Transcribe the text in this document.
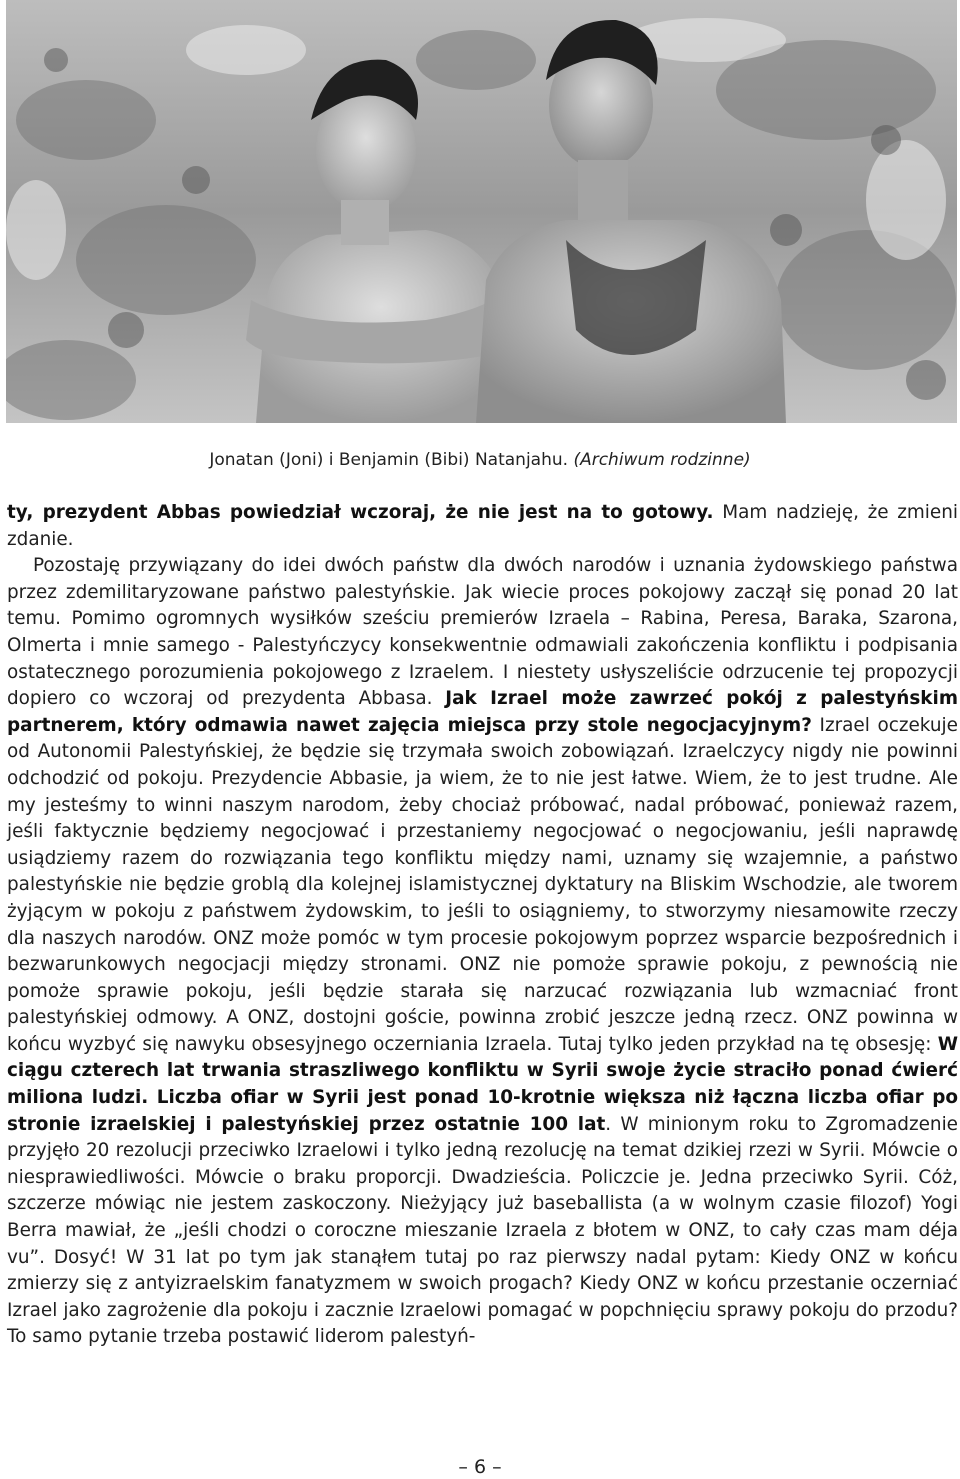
Jonatan (Joni) i Benjamin (Bibi) Natanjahu. (Archiwum rodzinne)

ty, prezydent Abbas powiedział wczoraj, że nie jest na to gotowy. Mam nadzieję, że zmieni zdanie.

Pozostaję przywiązany do idei dwóch państw dla dwóch narodów i uznania żydowskiego państwa przez zdemilitaryzowane państwo palestyńskie. Jak wiecie proces pokojowy zaczął się ponad 20 lat temu. Pomimo ogromnych wysiłków sześciu premierów Izraela – Rabina, Peresa, Baraka, Szarona, Olmerta i mnie samego - Palestyńczycy konsekwentnie odmawiali zakończenia konfliktu i podpisania ostatecznego porozumienia pokojowego z Izraelem. I niestety usłyszeliście odrzucenie tej propozycji dopiero co wczoraj od prezydenta Abbasa. Jak Izrael może zawrzeć pokój z palestyńskim partnerem, który odmawia nawet zajęcia miejsca przy stole negocjacyjnym? Izrael oczekuje od Autonomii Palestyńskiej, że będzie się trzymała swoich zobowiązań. Izraelczycy nigdy nie powinni odchodzić od pokoju. Prezydencie Abbasie, ja wiem, że to nie jest łatwe. Wiem, że to jest trudne. Ale my jesteśmy to winni naszym narodom, żeby chociaż próbować, nadal próbować, ponieważ razem, jeśli faktycznie będziemy negocjować i przestaniemy negocjować o negocjowaniu, jeśli naprawdę usiądziemy razem do rozwiązania tego konfliktu między nami, uznamy się wzajemnie, a państwo palestyńskie nie będzie groblą dla kolejnej islamistycznej dyktatury na Bliskim Wschodzie, ale tworem żyjącym w pokoju z państwem żydowskim, to jeśli to osiągniemy, to stworzymy niesamowite rzeczy dla naszych narodów. ONZ może pomóc w tym procesie pokojowym poprzez wsparcie bezpośrednich i bezwarunkowych negocjacji między stronami. ONZ nie pomoże sprawie pokoju, z pewnością nie pomoże sprawie pokoju, jeśli będzie starała się narzucać rozwiązania lub wzmacniać front palestyńskiej odmowy. A ONZ, dostojni goście, powinna zrobić jeszcze jedną rzecz. ONZ powinna w końcu wyzbyć się nawyku obsesyjnego oczerniania Izraela. Tutaj tylko jeden przykład na tę obsesję: W ciągu czterech lat trwania straszliwego konfliktu w Syrii swoje życie straciło ponad ćwierć miliona ludzi. Liczba ofiar w Syrii jest ponad 10-krotnie większa niż łączna liczba ofiar po stronie izraelskiej i palestyńskiej przez ostatnie 100 lat. W minionym roku to Zgromadzenie przyjęło 20 rezolucji przeciwko Izraelowi i tylko jedną rezolucję na temat dzikiej rzezi w Syrii. Mówcie o niesprawiedliwości. Mówcie o braku proporcji. Dwadzieścia. Policzcie je. Jedna przeciwko Syrii. Cóż, szczerze mówiąc nie jestem zaskoczony. Nieżyjący już baseballista (a w wolnym czasie filozof) Yogi Berra mawiał, że „jeśli chodzi o coroczne mieszanie Izraela z błotem w ONZ, to cały czas mam déja vu”. Dosyć! W 31 lat po tym jak stanąłem tutaj po raz pierwszy nadal pytam: Kiedy ONZ w końcu zmierzy się z antyizraelskim fanatyzmem w swoich progach? Kiedy ONZ w końcu przestanie oczerniać Izrael jako zagrożenie dla pokoju i zacznie Izraelowi pomagać w popchnięciu sprawy pokoju do przodu? To samo pytanie trzeba postawić liderom palestyń-

– 6 –
